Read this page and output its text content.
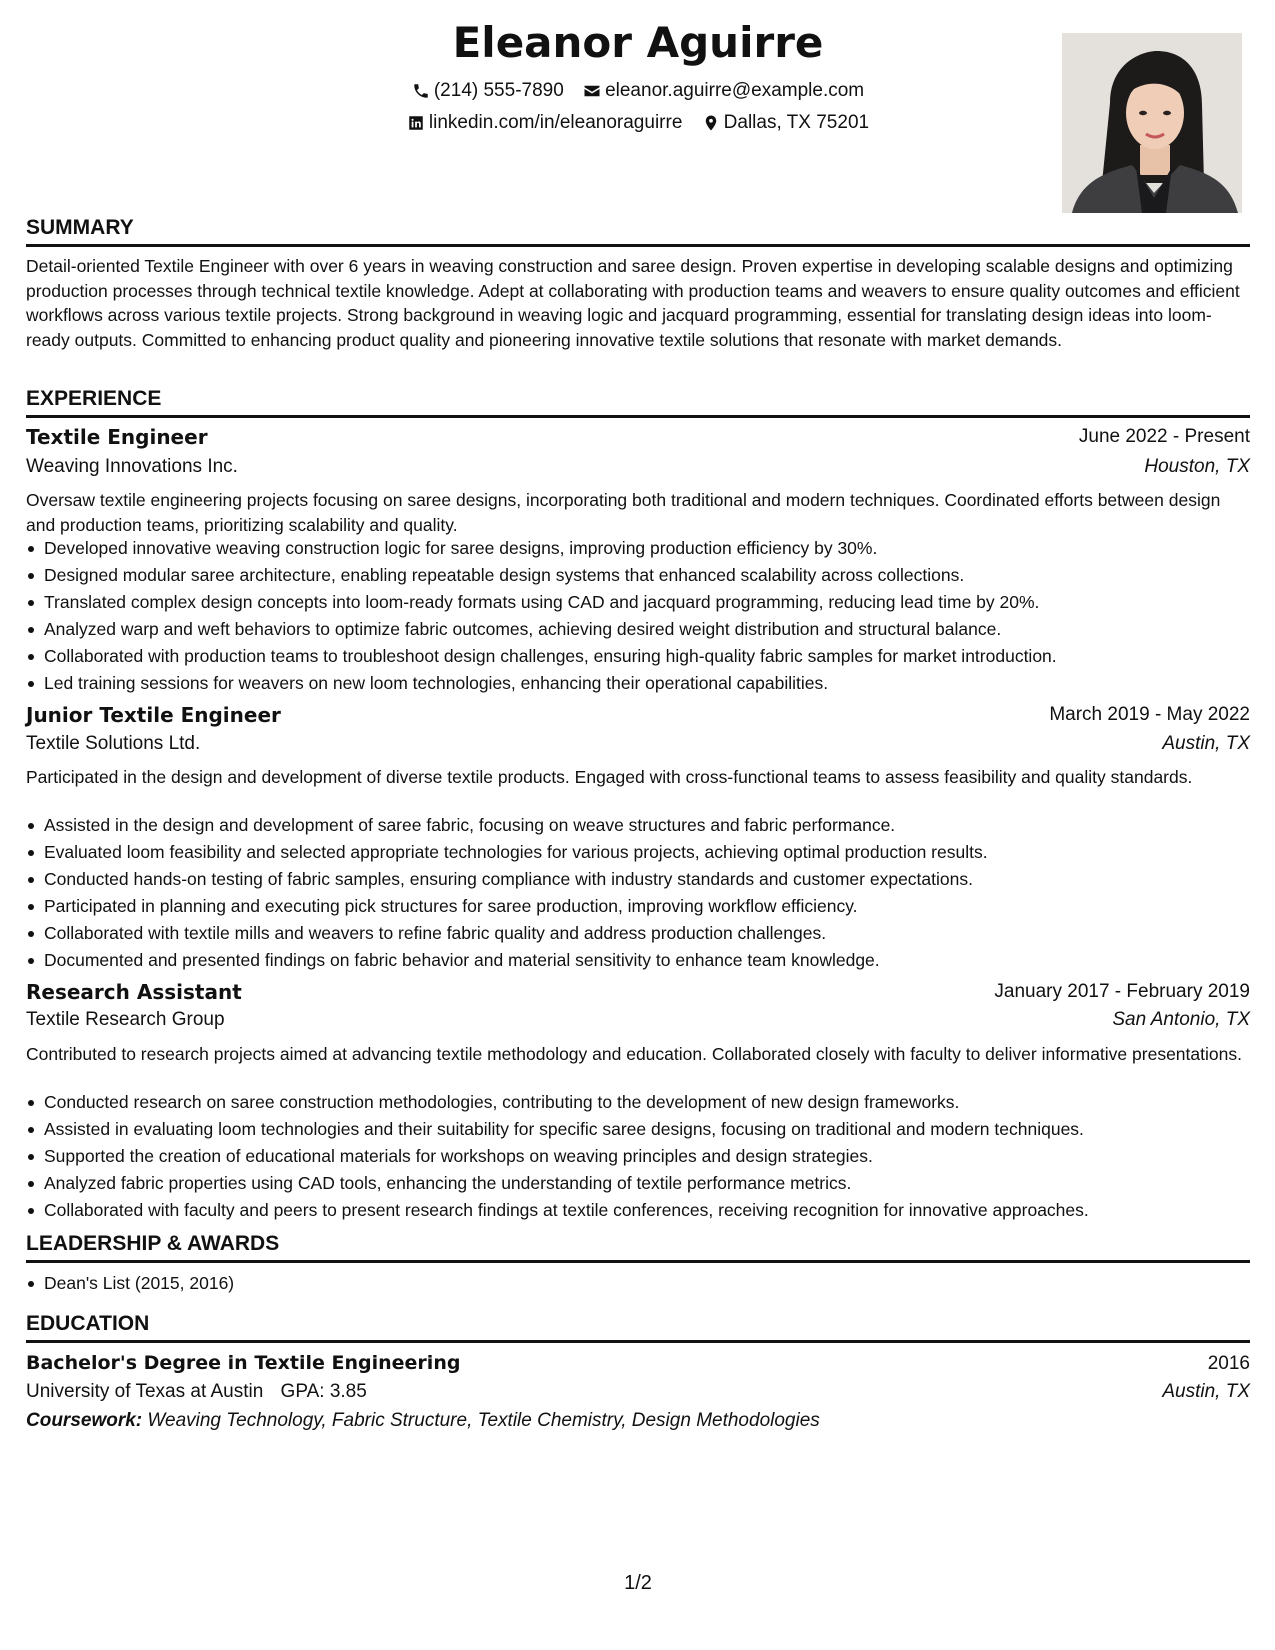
Eleanor Aguirre
(214) 555-7890
eleanor.aguirre@example.com
linkedin.com/in/eleanoraguirre
Dallas, TX 75201
SUMMARY
Detail-oriented Textile Engineer with over 6 years in weaving construction and saree design. Proven expertise in developing scalable designs and optimizing production processes through technical textile knowledge. Adept at collaborating with production teams and weavers to ensure quality outcomes and efficient workflows across various textile projects. Strong background in weaving logic and jacquard programming, essential for translating design ideas into loom-ready outputs. Committed to enhancing product quality and pioneering innovative textile solutions that resonate with market demands.
EXPERIENCE
Textile Engineer	June 2022 - Present
Weaving Innovations Inc.	Houston, TX
Oversaw textile engineering projects focusing on saree designs, incorporating both traditional and modern techniques. Coordinated efforts between design and production teams, prioritizing scalability and quality.
Developed innovative weaving construction logic for saree designs, improving production efficiency by 30%.
Designed modular saree architecture, enabling repeatable design systems that enhanced scalability across collections.
Translated complex design concepts into loom-ready formats using CAD and jacquard programming, reducing lead time by 20%.
Analyzed warp and weft behaviors to optimize fabric outcomes, achieving desired weight distribution and structural balance.
Collaborated with production teams to troubleshoot design challenges, ensuring high-quality fabric samples for market introduction.
Led training sessions for weavers on new loom technologies, enhancing their operational capabilities.
Junior Textile Engineer	March 2019 - May 2022
Textile Solutions Ltd.	Austin, TX
Participated in the design and development of diverse textile products. Engaged with cross-functional teams to assess feasibility and quality standards.
Assisted in the design and development of saree fabric, focusing on weave structures and fabric performance.
Evaluated loom feasibility and selected appropriate technologies for various projects, achieving optimal production results.
Conducted hands-on testing of fabric samples, ensuring compliance with industry standards and customer expectations.
Participated in planning and executing pick structures for saree production, improving workflow efficiency.
Collaborated with textile mills and weavers to refine fabric quality and address production challenges.
Documented and presented findings on fabric behavior and material sensitivity to enhance team knowledge.
Research Assistant	January 2017 - February 2019
Textile Research Group	San Antonio, TX
Contributed to research projects aimed at advancing textile methodology and education. Collaborated closely with faculty to deliver informative presentations.
Conducted research on saree construction methodologies, contributing to the development of new design frameworks.
Assisted in evaluating loom technologies and their suitability for specific saree designs, focusing on traditional and modern techniques.
Supported the creation of educational materials for workshops on weaving principles and design strategies.
Analyzed fabric properties using CAD tools, enhancing the understanding of textile performance metrics.
Collaborated with faculty and peers to present research findings at textile conferences, receiving recognition for innovative approaches.
LEADERSHIP & AWARDS
Dean's List (2015, 2016)
EDUCATION
Bachelor's Degree in Textile Engineering	2016
University of Texas at Austin GPA: 3.85	Austin, TX
Coursework: Weaving Technology, Fabric Structure, Textile Chemistry, Design Methodologies
1/2
